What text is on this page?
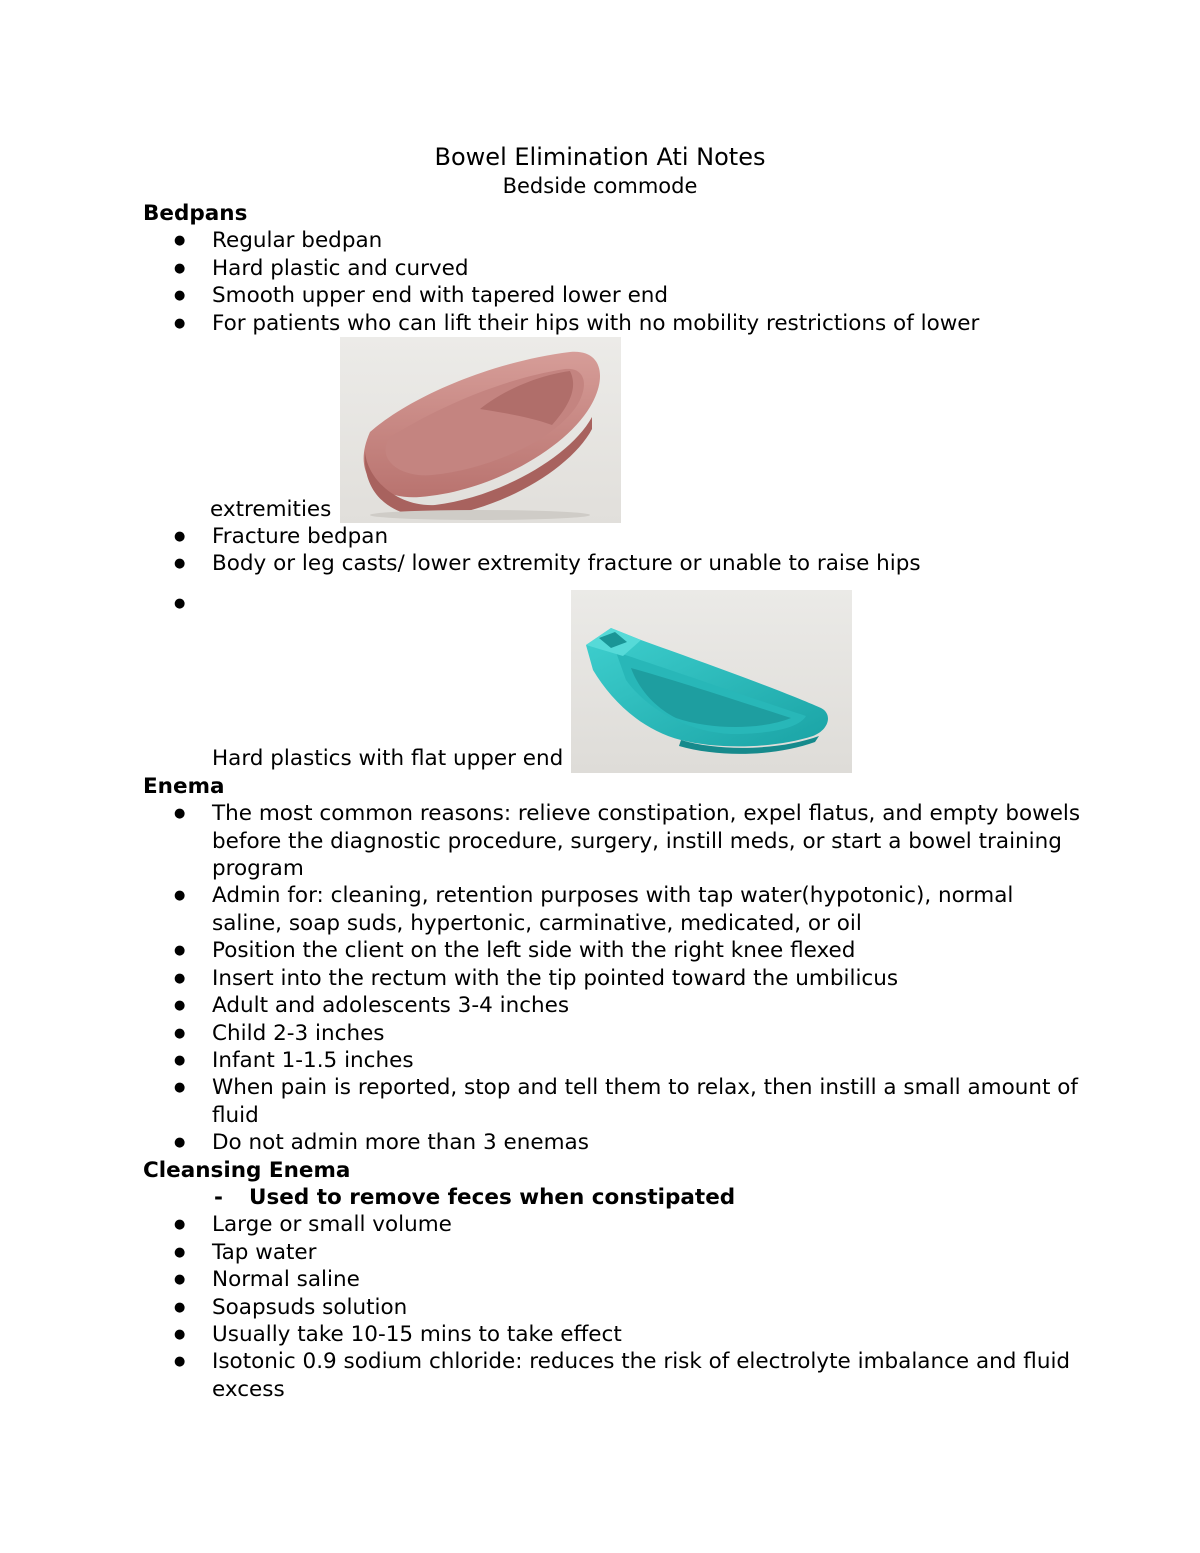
Bowel Elimination Ati Notes
Bedside commode
Bedpans
● Regular bedpan
● Hard plastic and curved
● Smooth upper end with tapered lower end
● For patients who can lift their hips with no mobility restrictions of lower
extremities
● Fracture bedpan
● Body or leg casts/ lower extremity fracture or unable to raise hips
● Hard plastics with flat upper end
Enema
● The most common reasons: relieve constipation, expel flatus, and empty bowels before the diagnostic procedure, surgery, instill meds, or start a bowel training program
● Admin for: cleaning, retention purposes with tap water(hypotonic), normal saline, soap suds, hypertonic, carminative, medicated, or oil
● Position the client on the left side with the right knee flexed
● Insert into the rectum with the tip pointed toward the umbilicus
● Adult and adolescents 3-4 inches
● Child 2-3 inches
● Infant 1-1.5 inches
● When pain is reported, stop and tell them to relax, then instill a small amount of fluid
● Do not admin more than 3 enemas
Cleansing Enema
- Used to remove feces when constipated
● Large or small volume
● Tap water
● Normal saline
● Soapsuds solution
● Usually take 10-15 mins to take effect
● Isotonic 0.9 sodium chloride: reduces the risk of electrolyte imbalance and fluid excess
